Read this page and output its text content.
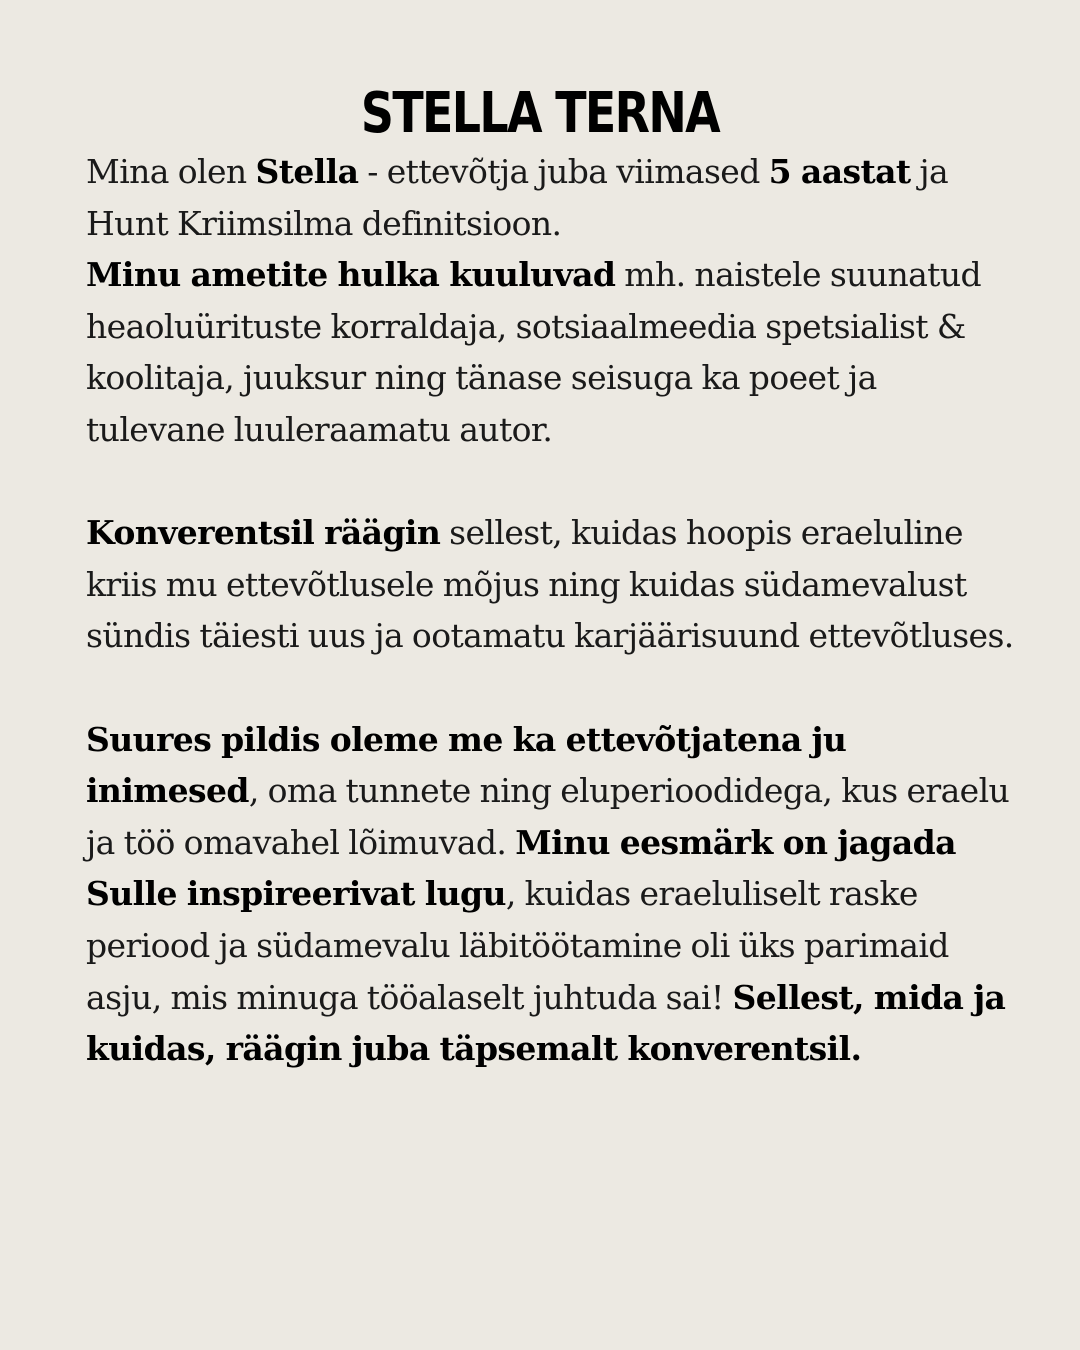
STELLA TERNA

Mina olen Stella - ettevõtja juba viimased 5 aastat ja Hunt Kriimsilma definitsioon.
Minu ametite hulka kuuluvad mh. naistele suunatud heaoluürituste korraldaja, sotsiaalmeedia spetsialist & koolitaja, juuksur ning tänase seisuga ka poeet ja tulevane luuleraamatu autor.

Konverentsil räägin sellest, kuidas hoopis eraeluline kriis mu ettevõtlusele mõjus ning kuidas südamevalust sündis täiesti uus ja ootamatu karjäärisuund ettevõtluses.

Suures pildis oleme me ka ettevõtjatena ju inimesed, oma tunnete ning eluperioodidega, kus eraelu ja töö omavahel lõimuvad. Minu eesmärk on jagada Sulle inspireerivat lugu, kuidas eraeluliselt raske periood ja südamevalu läbitöötamine oli üks parimaid asju, mis minuga tööalaselt juhtuda sai! Sellest, mida ja kuidas, räägin juba täpsemalt konverentsil.
